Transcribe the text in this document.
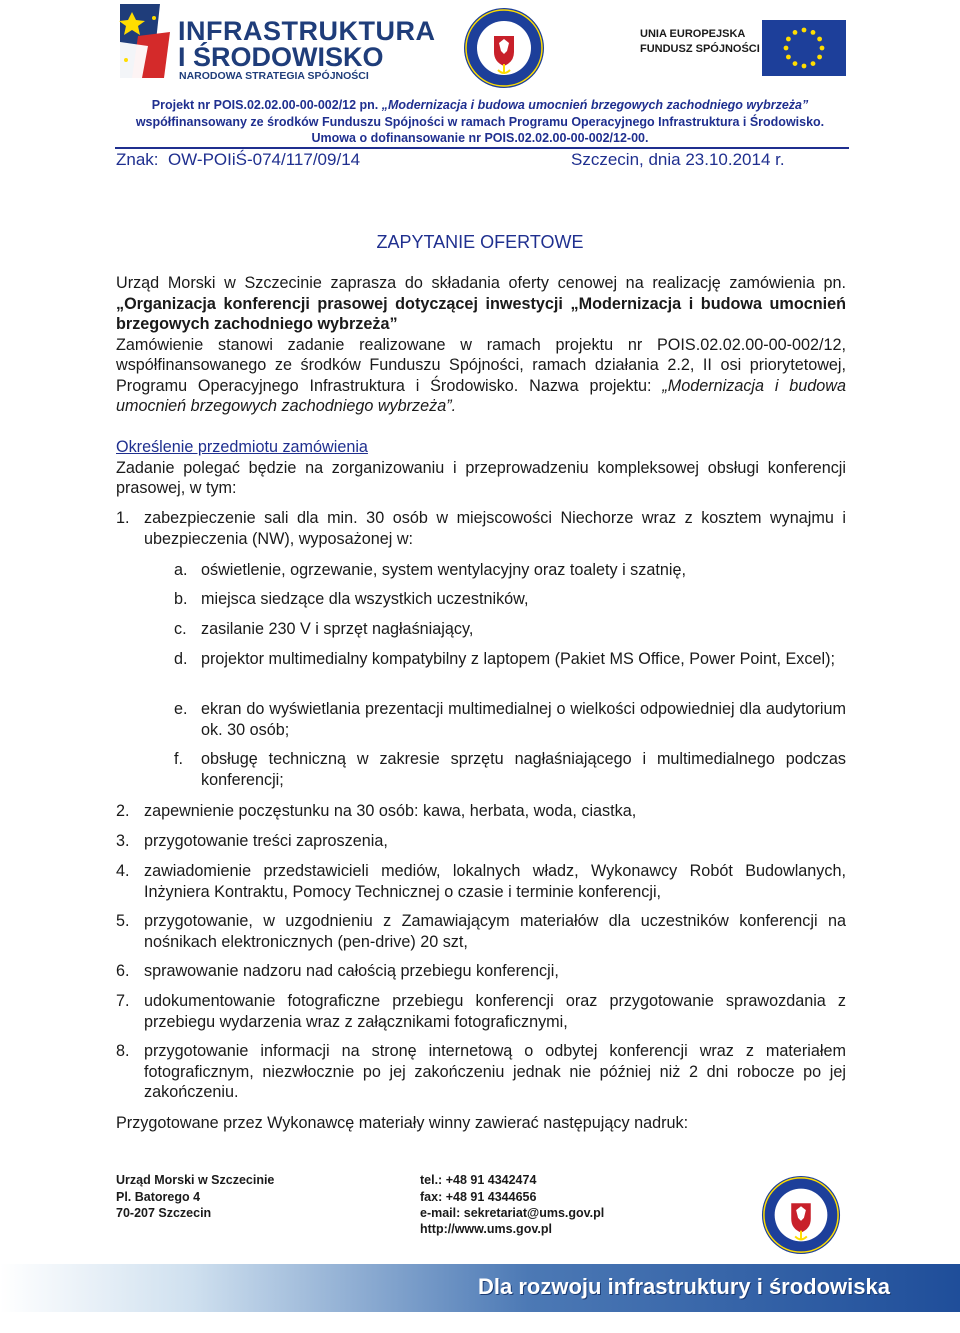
INFRASTRUKTURA
I ŚRODOWISKO
NARODOWA STRATEGIA SPÓJNOŚCI
UNIA EUROPEJSKA
FUNDUSZ SPÓJNOŚCI
Projekt nr POIS.02.02.00-00-002/12 pn. „Modernizacja i budowa umocnień brzegowych zachodniego wybrzeża”
współfinansowany ze środków Funduszu Spójności w ramach Programu Operacyjnego Infrastruktura i Środowisko.
Umowa o dofinansowanie nr POIS.02.02.00-00-002/12-00.
Znak:  OW-POIiŚ-074/117/09/14	Szczecin, dnia 23.10.2014 r.
ZAPYTANIE OFERTOWE
Urząd Morski w Szczecinie zaprasza do składania oferty cenowej na realizację zamówienia pn. „Organizacja konferencji prasowej dotyczącej inwestycji „Modernizacja i budowa umocnień brzegowych zachodniego wybrzeża”
Zamówienie stanowi zadanie realizowane w ramach projektu nr POIS.02.02.00-00-002/12, współfinansowanego ze środków Funduszu Spójności, ramach działania 2.2, II osi priorytetowej, Programu Operacyjnego Infrastruktura i Środowisko. Nazwa projektu: „Modernizacja i budowa umocnień brzegowych zachodniego wybrzeża”.
Określenie przedmiotu zamówienia
Zadanie polegać będzie na zorganizowaniu i przeprowadzeniu kompleksowej obsługi konferencji prasowej, w tym:
1. zabezpieczenie sali dla min. 30 osób w miejscowości Niechorze wraz z kosztem wynajmu i ubezpieczenia (NW), wyposażonej w:
a. oświetlenie, ogrzewanie, system wentylacyjny oraz toalety i szatnię,
b. miejsca siedzące dla wszystkich uczestników,
c. zasilanie 230 V i sprzęt nagłaśniający,
d. projektor multimedialny kompatybilny z laptopem (Pakiet MS Office, Power Point, Excel);
e. ekran do wyświetlania prezentacji multimedialnej o wielkości odpowiedniej dla audytorium ok. 30 osób;
f. obsługę techniczną w zakresie sprzętu nagłaśniającego i multimedialnego podczas konferencji;
2. zapewnienie poczęstunku na 30 osób: kawa, herbata, woda, ciastka,
3. przygotowanie treści zaproszenia,
4. zawiadomienie przedstawicieli mediów, lokalnych władz, Wykonawcy Robót Budowlanych, Inżyniera Kontraktu, Pomocy Technicznej o czasie i terminie konferencji,
5. przygotowanie, w uzgodnieniu z Zamawiającym materiałów dla uczestników konferencji na nośnikach elektronicznych (pen-drive) 20 szt,
6. sprawowanie nadzoru nad całością przebiegu konferencji,
7. udokumentowanie fotograficzne przebiegu konferencji oraz przygotowanie sprawozdania z przebiegu wydarzenia wraz z załącznikami fotograficznymi,
8. przygotowanie informacji na stronę internetową o odbytej konferencji wraz z materiałem fotograficznym, niezwłocznie po jej zakończeniu jednak nie później niż 2 dni robocze po jej zakończeniu.
Przygotowane przez Wykonawcę materiały winny zawierać następujący nadruk:
Urząd Morski w Szczecinie
Pl. Batorego 4
70-207 Szczecin
tel.: +48 91 4342474
fax: +48 91 4344656
e-mail: sekretariat@ums.gov.pl
http://www.ums.gov.pl
Dla rozwoju infrastruktury i środowiska
